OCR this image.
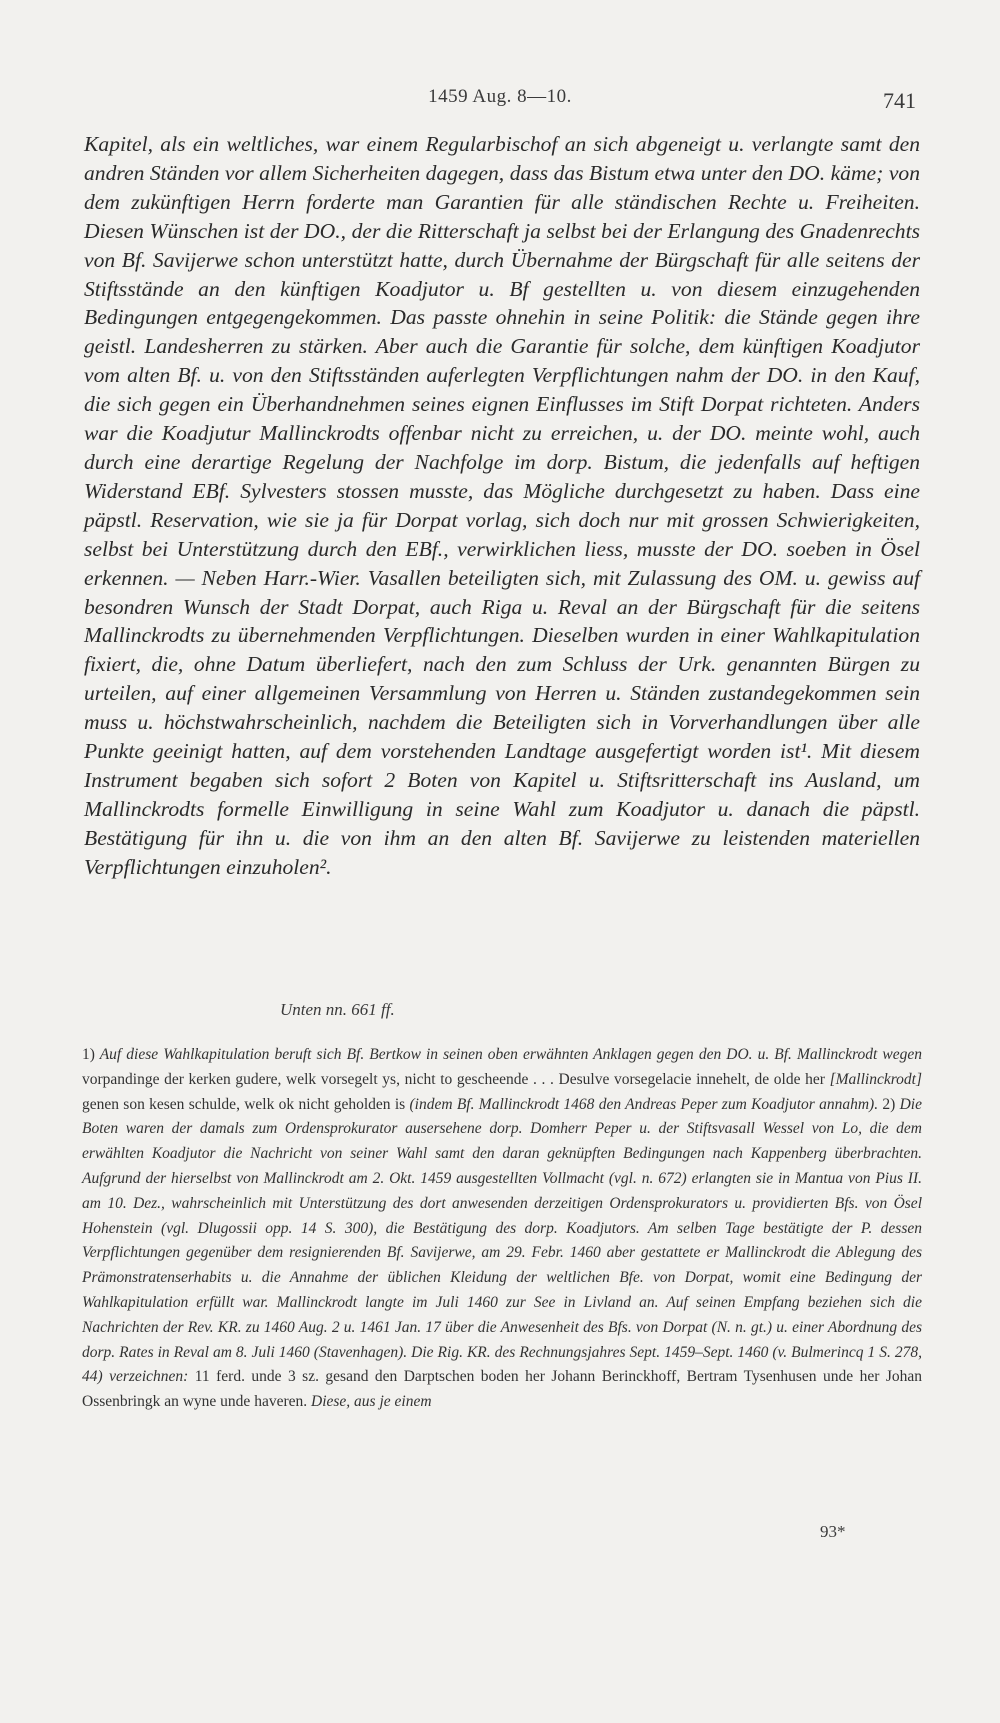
1459 Aug. 8—10.	741

Kapitel, als ein weltliches, war einem Regularbischof an sich abgeneigt u. verlangte samt den andren Ständen vor allem Sicherheiten dagegen, dass das Bistum etwa unter den DO. käme; von dem zukünftigen Herrn forderte man Garantien für alle ständischen Rechte u. Freiheiten. Diesen Wünschen ist der DO., der die Ritterschaft ja selbst bei der Erlangung des Gnadenrechts von Bf. Savijerwe schon unterstützt hatte, durch Übernahme der Bürgschaft für alle seitens der Stiftsstände an den künftigen Koadjutor u. Bf gestellten u. von diesem einzugehenden Bedingungen entgegengekommen. Das passte ohnehin in seine Politik: die Stände gegen ihre geistl. Landesherren zu stärken. Aber auch die Garantie für solche, dem künftigen Koadjutor vom alten Bf. u. von den Stiftsständen auferlegten Verpflichtungen nahm der DO. in den Kauf, die sich gegen ein Überhandnehmen seines eignen Einflusses im Stift Dorpat richteten. Anders war die Koadjutur Mallinckrodts offenbar nicht zu erreichen, u. der DO. meinte wohl, auch durch eine derartige Regelung der Nachfolge im dorp. Bistum, die jedenfalls auf heftigen Widerstand EBf. Sylvesters stossen musste, das Mögliche durchgesetzt zu haben. Dass eine päpstl. Reservation, wie sie ja für Dorpat vorlag, sich doch nur mit grossen Schwierigkeiten, selbst bei Unterstützung durch den EBf., verwirklichen liess, musste der DO. soeben in Ösel erkennen. — Neben Harr.-Wier. Vasallen beteiligten sich, mit Zulassung des OM. u. gewiss auf besondren Wunsch der Stadt Dorpat, auch Riga u. Reval an der Bürgschaft für die seitens Mallinckrodts zu übernehmenden Verpflichtungen. Dieselben wurden in einer Wahlkapitulation fixiert, die, ohne Datum überliefert, nach den zum Schluss der Urk. genannten Bürgen zu urteilen, auf einer allgemeinen Versammlung von Herren u. Ständen zustandegekommen sein muss u. höchstwahrscheinlich, nachdem die Beteiligten sich in Vorverhandlungen über alle Punkte geeinigt hatten, auf dem vorstehenden Landtage ausgefertigt worden ist¹. Mit diesem Instrument begaben sich sofort 2 Boten von Kapitel u. Stiftsritterschaft ins Ausland, um Mallinckrodts formelle Einwilligung in seine Wahl zum Koadjutor u. danach die päpstl. Bestätigung für ihn u. die von ihm an den alten Bf. Savijerwe zu leistenden materiellen Verpflichtungen einzuholen².

Unten nn. 661 ff.

1) Auf diese Wahlkapitulation beruft sich Bf. Bertkow in seinen oben erwähnten Anklagen gegen den DO. u. Bf. Mallinckrodt wegen vorpandinge der kerken gudere, welk vorsegelt ys, nicht to gescheende . . . Desulve vorsegelacie innehelt, de olde her [Mallinckrodt] genen son kesen schulde, welk ok nicht geholden is (indem Bf. Mallinckrodt 1468 den Andreas Peper zum Koadjutor annahm). 2) Die Boten waren der damals zum Ordensprokurator ausersehene dorp. Domherr Peper u. der Stiftsvasall Wessel von Lo, die dem erwählten Koadjutor die Nachricht von seiner Wahl samt den daran geknüpften Bedingungen nach Kappenberg überbrachten. Aufgrund der hierselbst von Mallinckrodt am 2. Okt. 1459 ausgestellten Vollmacht (vgl. n. 672) erlangten sie in Mantua von Pius II. am 10. Dez., wahrscheinlich mit Unterstützung des dort anwesenden derzeitigen Ordensprokurators u. providierten Bfs. von Ösel Hohenstein (vgl. Dlugossii opp. 14 S. 300), die Bestätigung des dorp. Koadjutors. Am selben Tage bestätigte der P. dessen Verpflichtungen gegenüber dem resignierenden Bf. Savijerwe, am 29. Febr. 1460 aber gestattete er Mallinckrodt die Ablegung des Prämonstratenserhabits u. die Annahme der üblichen Kleidung der weltlichen Bfe. von Dorpat, womit eine Bedingung der Wahlkapitulation erfüllt war. Mallinckrodt langte im Juli 1460 zur See in Livland an. Auf seinen Empfang beziehen sich die Nachrichten der Rev. KR. zu 1460 Aug. 2 u. 1461 Jan. 17 über die Anwesenheit des Bfs. von Dorpat (N. n. gt.) u. einer Abordnung des dorp. Rates in Reval am 8. Juli 1460 (Stavenhagen). Die Rig. KR. des Rechnungsjahres Sept. 1459–Sept. 1460 (v. Bulmerincq 1 S. 278, 44) verzeichnen: 11 ferd. unde 3 sz. gesand den Darptschen boden her Johann Berinckhoff, Bertram Tysenhusen unde her Johan Ossenbringk an wyne unde haveren. Diese, aus je einem

93*
